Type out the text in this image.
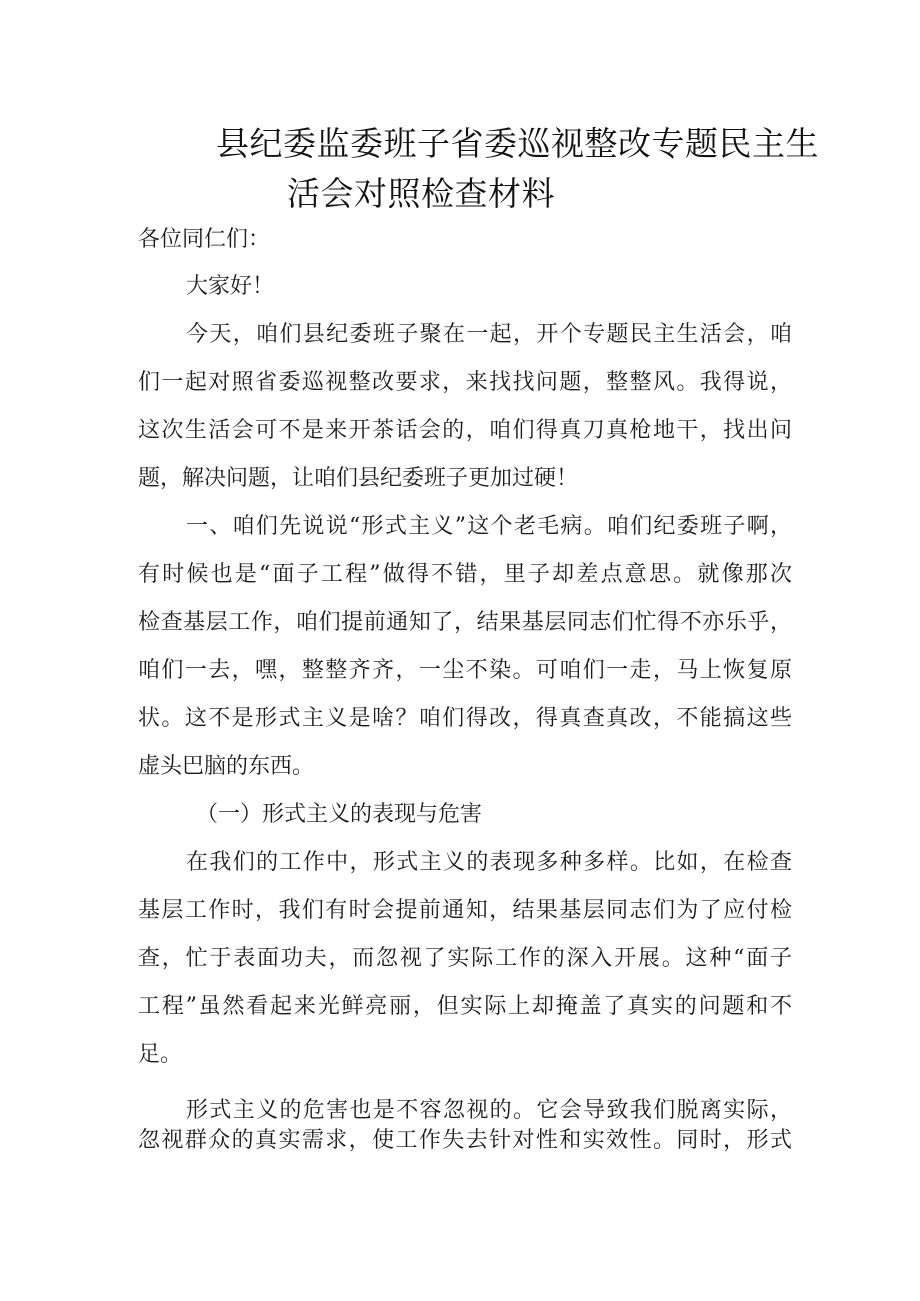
县纪委监委班子省委巡视整改专题民主生
活会对照检查材料

各位同仁们：

大家好！

今天，咱们县纪委班子聚在一起，开个专题民主生活会，咱

们一起对照省委巡视整改要求，来找找问题，整整风。我得说，

这次生活会可不是来开茶话会的，咱们得真刀真枪地干，找出问

题，解决问题，让咱们县纪委班子更加过硬！

一、咱们先说说“形式主义”这个老毛病。咱们纪委班子啊，

有时候也是“面子工程”做得不错，里子却差点意思。就像那次

检查基层工作，咱们提前通知了，结果基层同志们忙得不亦乐乎，

咱们一去，嘿，整整齐齐，一尘不染。可咱们一走，马上恢复原

状。这不是形式主义是啥？咱们得改，得真查真改，不能搞这些

虚头巴脑的东西。

（一）形式主义的表现与危害

在我们的工作中，形式主义的表现多种多样。比如，在检查

基层工作时，我们有时会提前通知，结果基层同志们为了应付检

查，忙于表面功夫，而忽视了实际工作的深入开展。这种“面子

工程”虽然看起来光鲜亮丽，但实际上却掩盖了真实的问题和不

足。

形式主义的危害也是不容忽视的。它会导致我们脱离实际，

忽视群众的真实需求，使工作失去针对性和实效性。同时，形式
